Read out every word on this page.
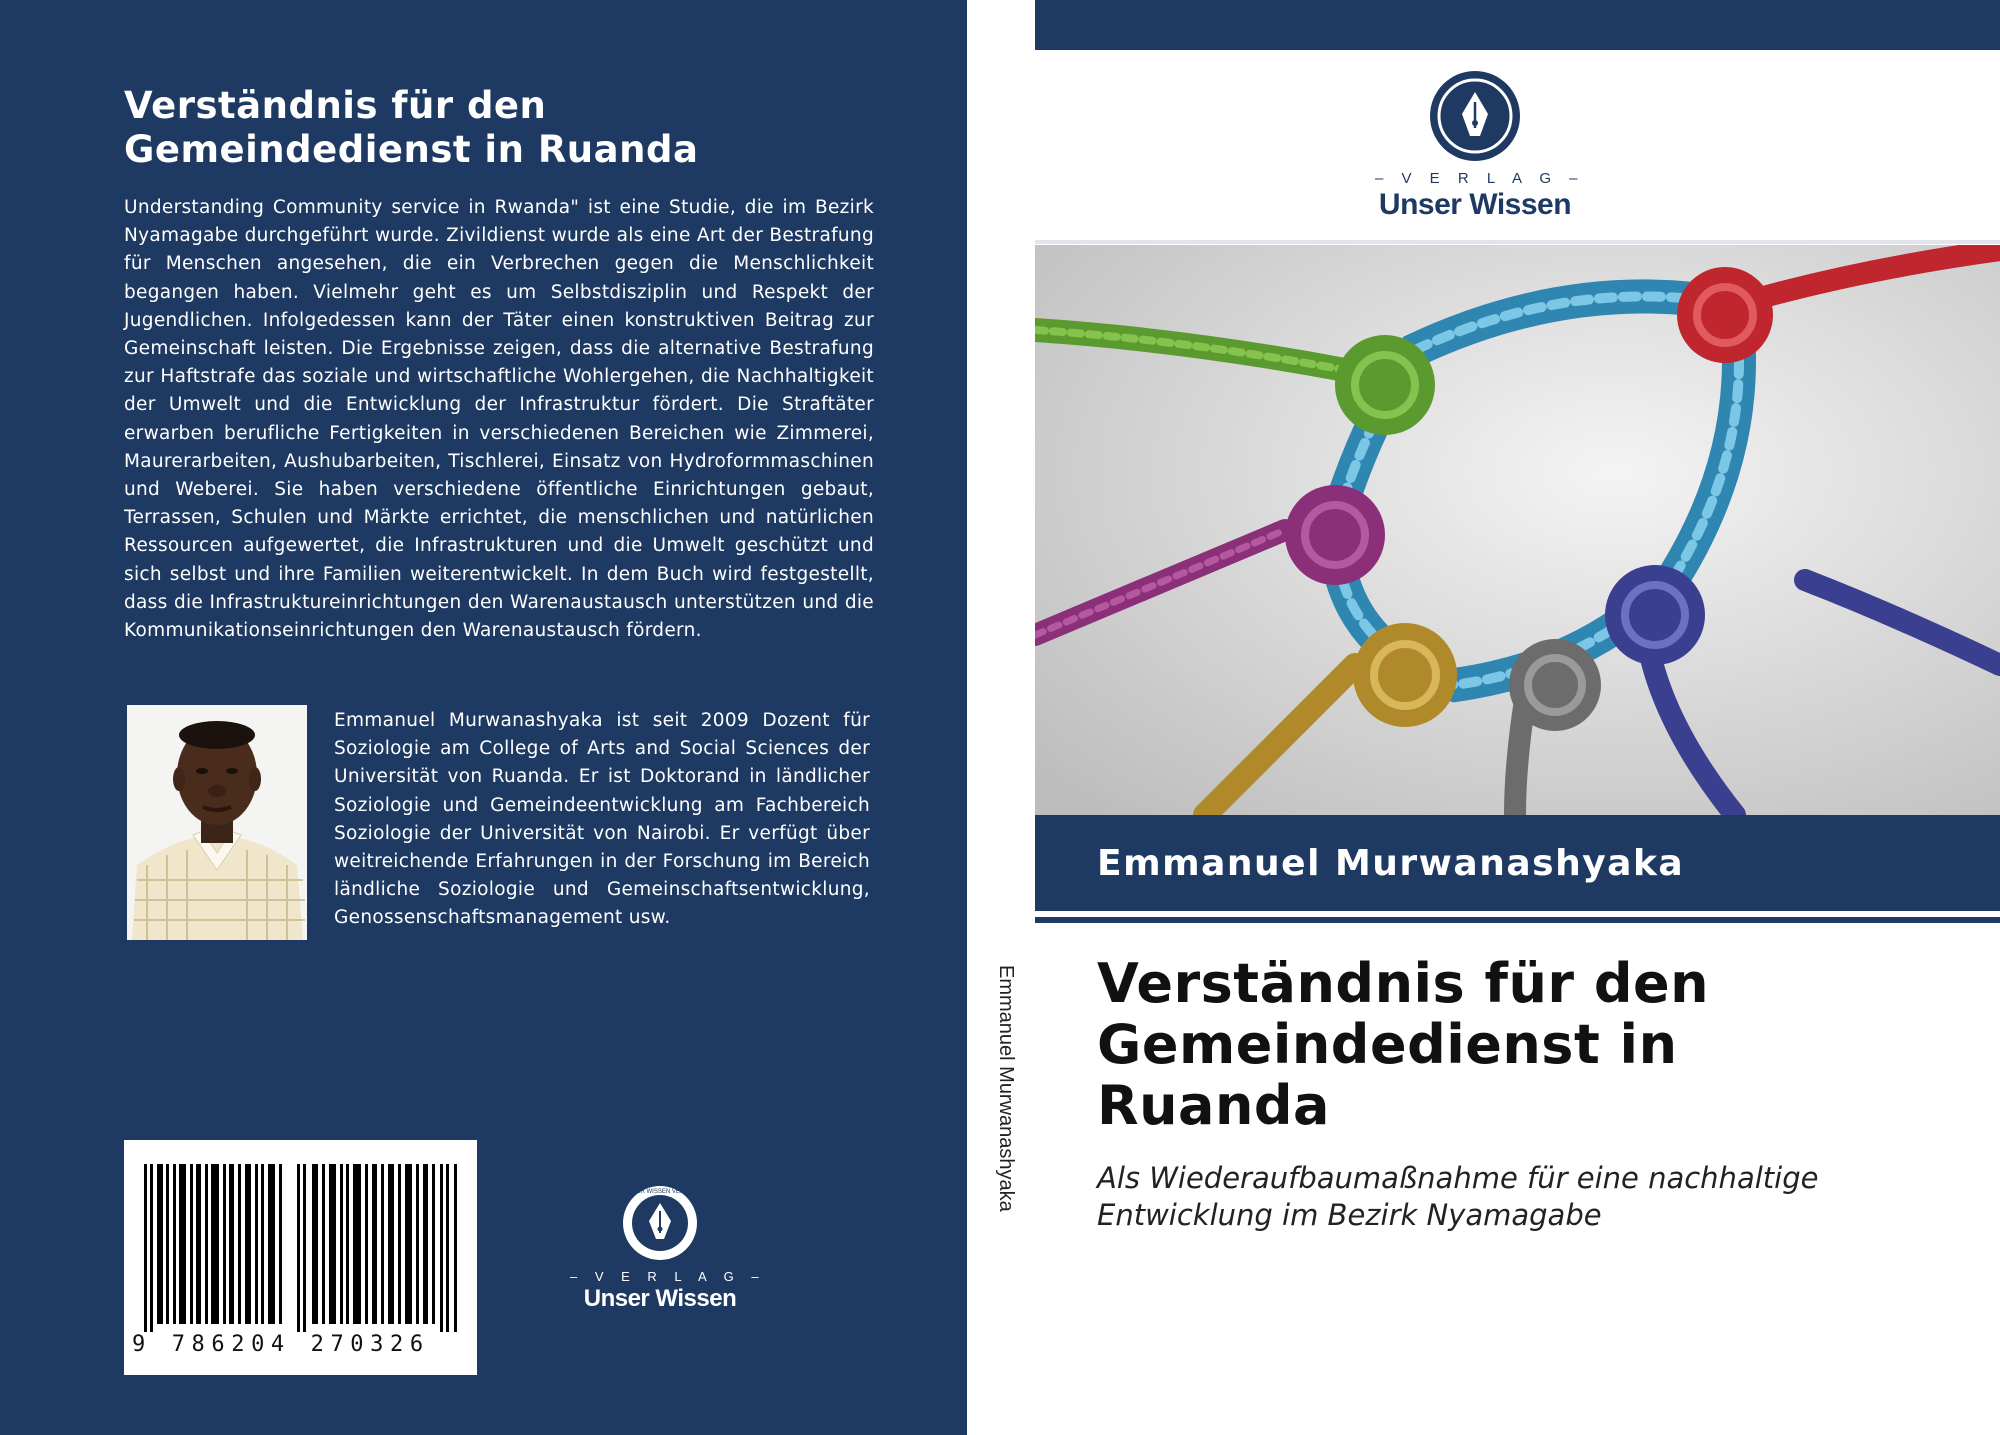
Verständnis für den
Gemeindedienst in Ruanda

Understanding Community service in Rwanda" ist eine Studie, die im Bezirk Nyamagabe durchgeführt wurde. Zivildienst wurde als eine Art der Bestrafung für Menschen angesehen, die ein Verbrechen gegen die Menschlichkeit begangen haben. Vielmehr geht es um Selbstdisziplin und Respekt der Jugendlichen. Infolgedessen kann der Täter einen konstruktiven Beitrag zur Gemeinschaft leisten. Die Ergebnisse zeigen, dass die alternative Bestrafung zur Haftstrafe das soziale und wirtschaftliche Wohlergehen, die Nachhaltigkeit der Umwelt und die Entwicklung der Infrastruktur fördert. Die Straftäter erwarben berufliche Fertigkeiten in verschiedenen Bereichen wie Zimmerei, Maurerarbeiten, Aushubarbeiten, Tischlerei, Einsatz von Hydroformmaschinen und Weberei. Sie haben verschiedene öffentliche Einrichtungen gebaut, Terrassen, Schulen und Märkte errichtet, die menschlichen und natürlichen Ressourcen aufgewertet, die Infrastrukturen und die Umwelt geschützt und sich selbst und ihre Familien weiterentwickelt. In dem Buch wird festgestellt, dass die Infrastruktureinrichtungen den Warenaustausch unterstützen und die Kommunikationseinrichtungen den Warenaustausch fördern.

Emmanuel Murwanashyaka ist seit 2009 Dozent für Soziologie am College of Arts and Social Sciences der Universität von Ruanda. Er ist Doktorand in ländlicher Soziologie und Gemeindeentwicklung am Fachbereich Soziologie der Universität von Nairobi. Er verfügt über weitreichende Erfahrungen in der Forschung im Bereich ländliche Soziologie und Gemeinschaftsentwicklung, Genossenschaftsmanagement usw.

9 786204 270326
UNSER WISSEN VERLAG
– V E R L A G –
Unser Wissen
Emmanuel Murwanashyaka
– V E R L A G –
Unser Wissen
Emmanuel Murwanashyaka
Verständnis für den
Gemeindedienst in
Ruanda

Als Wiederaufbaumaßnahme für eine nachhaltige
Entwicklung im Bezirk Nyamagabe
